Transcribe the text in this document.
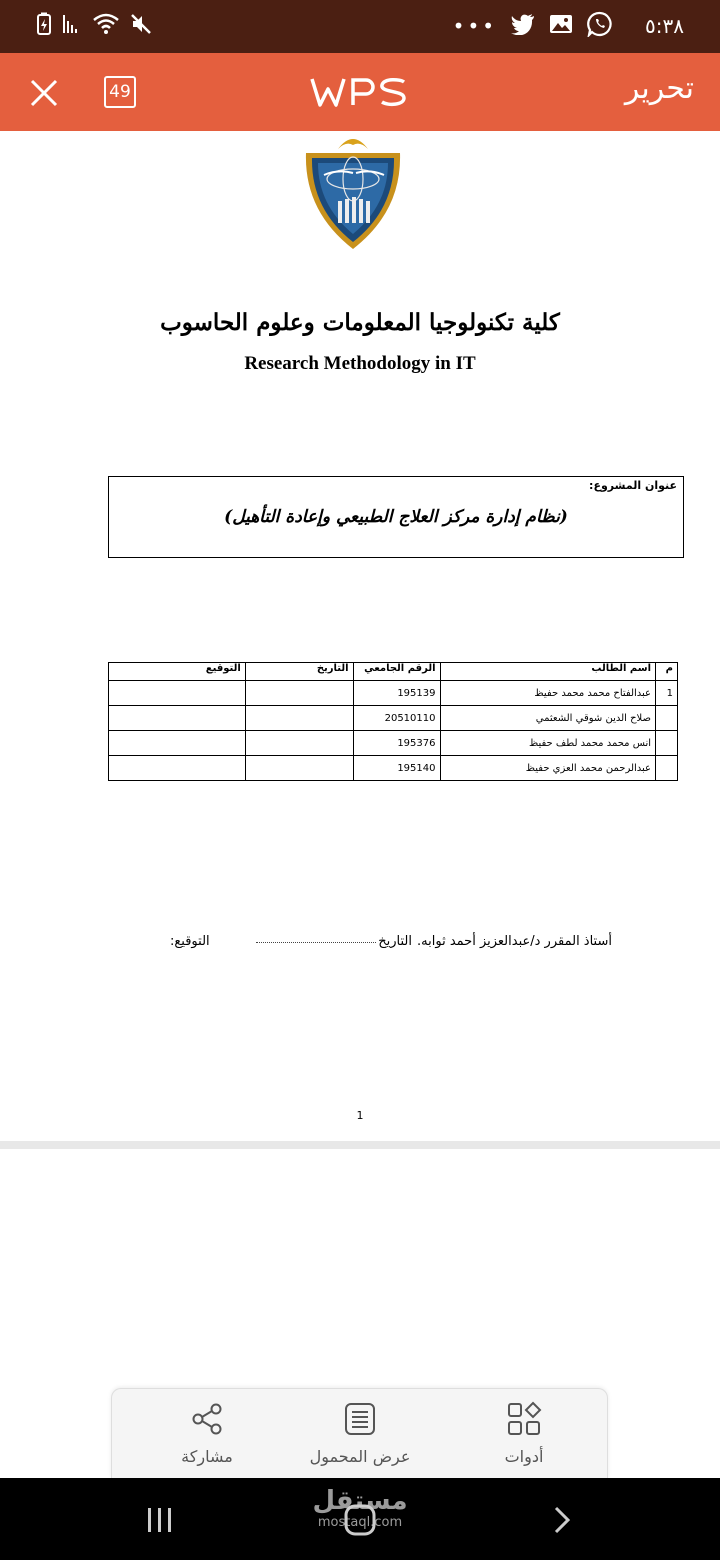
•••	٥:٣٨
49	تحرير
كلية تكنولوجيا المعلومات وعلوم الحاسوب
Research Methodology in IT
عنوان المشروع:
(نظام إدارة مركز العلاج الطبيعي وإعادة التأهيل)
م	اسم الطالب	الرقم الجامعي	التاريخ	التوقيع
1	عبدالفتاح محمد محمد حفيظ	195139		
	صلاح الدين شوقي الشعثمي	20510110		
	انس محمد محمد لطف حفيظ	195376		
	عبدالرحمن محمد العزي حفيظ	195140		
أستاذ المقرر د/عبدالعزيز أحمد ثوابه.
التاريخ
التوقيع:
1
مشاركة	عرض المحمول	أدوات
مستقل
mostaql.com
